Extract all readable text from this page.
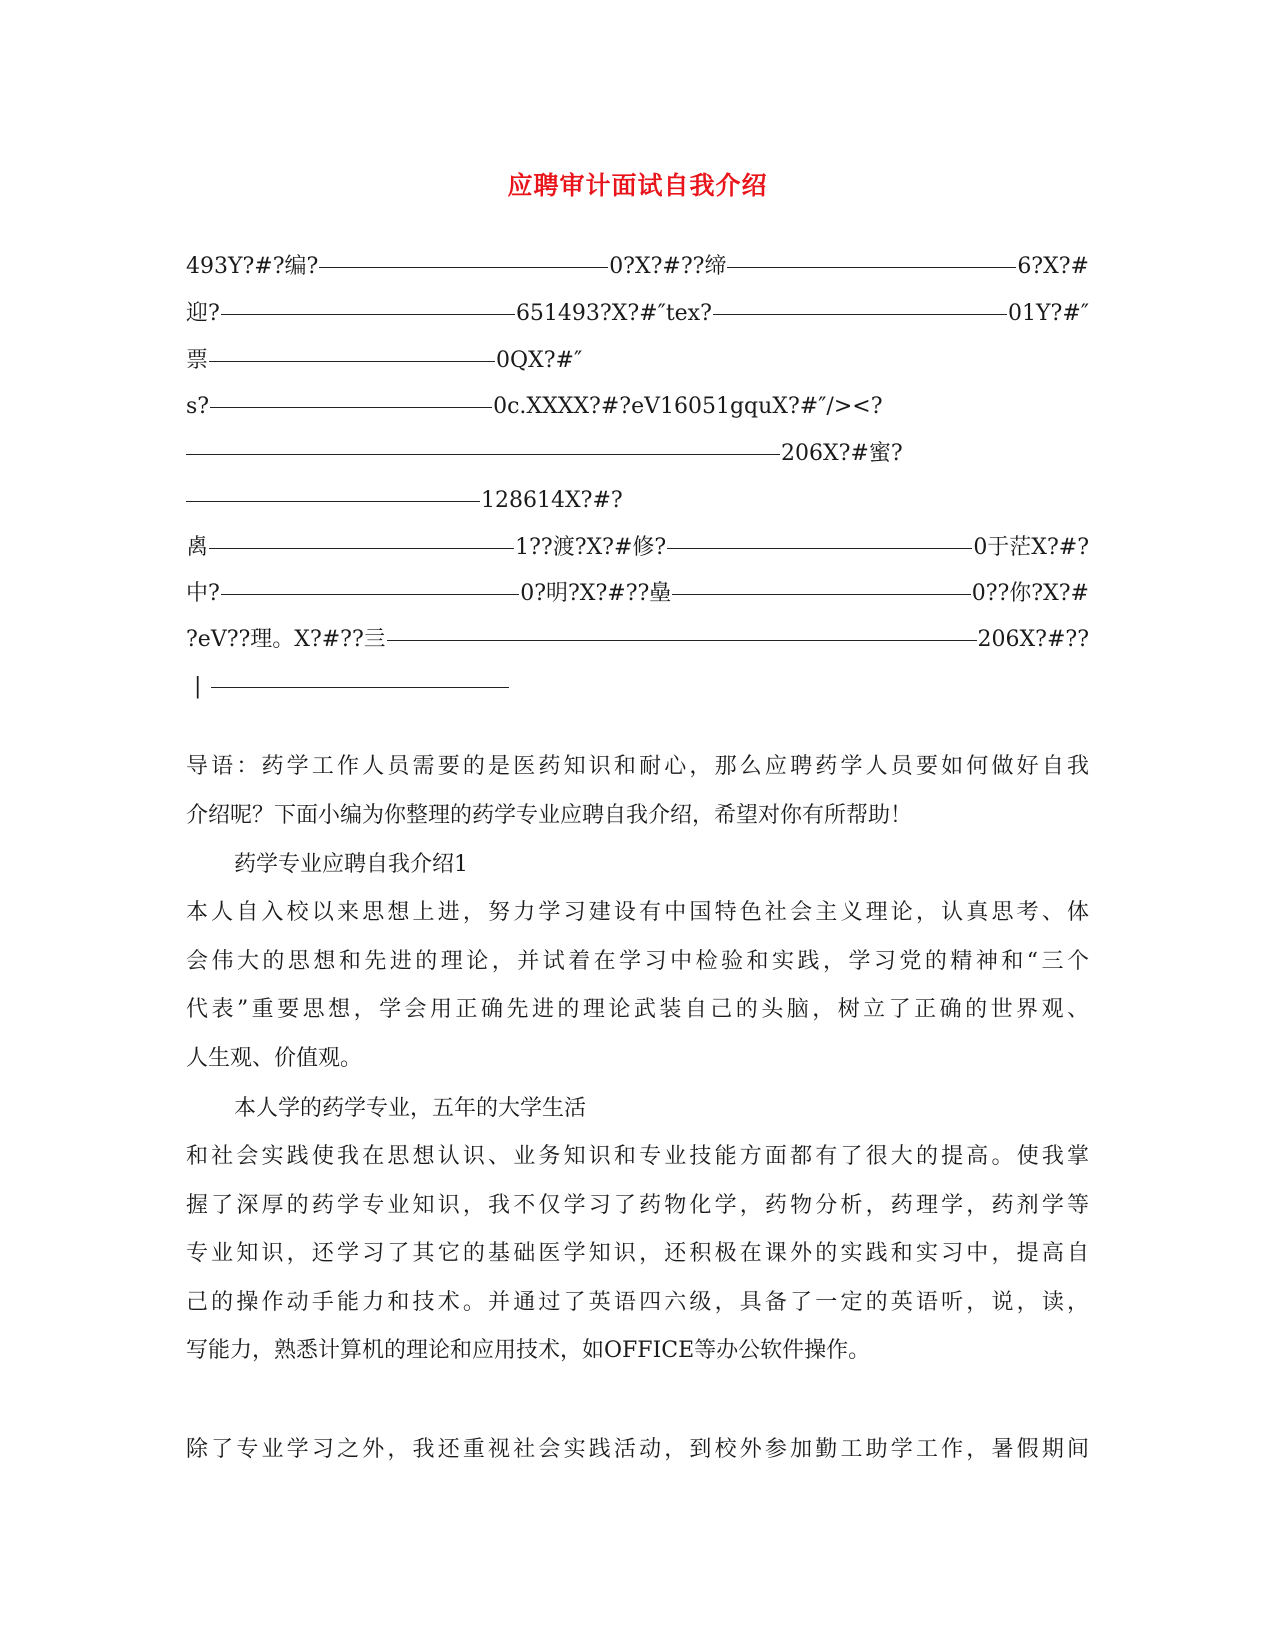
应聘审计面试自我介绍
493Y?#?编?	0?X?#??缔	6?X?#
迎?	651493?X?#″tex?	01Y?#″
票	0QX?#″
s?	0c.XXXX?#?eV16051gquX?#″/><?
206X?#蜜?
128614X?#?
禼	1??渡?X?#修?	0于茫X?#?
中?	0?明?X?#??皨	0??你?X?#
?eV??理。X?#??亖	206X?#??
|
导语：药学工作人员需要的是医药知识和耐心，那么应聘药学人员要如何做好自我
介绍呢？下面小编为你整理的药学专业应聘自我介绍，希望对你有所帮助！
药学专业应聘自我介绍1
本人自入校以来思想上进，努力学习建设有中国特色社会主义理论，认真思考、体
会伟大的思想和先进的理论，并试着在学习中检验和实践，学习党的精神和“三个
代表”重要思想，学会用正确先进的理论武装自己的头脑，树立了正确的世界观、
人生观、价值观。
本人学的药学专业，五年的大学生活
和社会实践使我在思想认识、业务知识和专业技能方面都有了很大的提高。使我掌
握了深厚的药学专业知识，我不仅学习了药物化学，药物分析，药理学，药剂学等
专业知识，还学习了其它的基础医学知识，还积极在课外的实践和实习中，提高自
己的操作动手能力和技术。并通过了英语四六级，具备了一定的英语听，说，读，
写能力，熟悉计算机的理论和应用技术，如OFFICE等办公软件操作。
除了专业学习之外，我还重视社会实践活动，到校外参加勤工助学工作，暑假期间
